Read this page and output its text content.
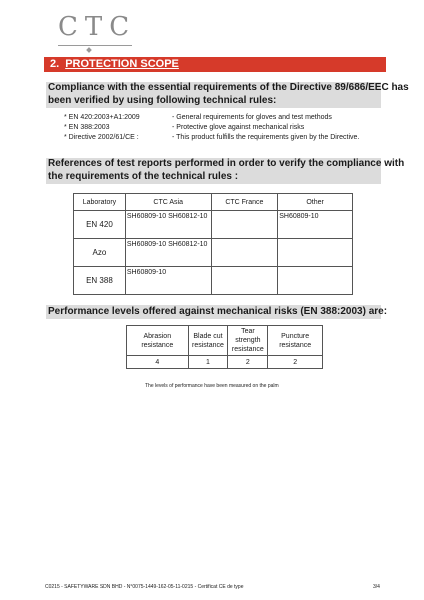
CTC
2. PROTECTION SCOPE
Compliance with the essential requirements of the Directive 89/686/EEC has
been verified by using following technical rules:
* EN 420:2003+A1:2009	- General requirements for gloves and test methods
* EN 388:2003	- Protective glove against mechanical risks
* Directive 2002/61/CE :	- This product fulfills the requirements given by the Directive.
References of test reports performed in order to verify the compliance with
the requirements of the technical rules :
Laboratory	CTC Asia	CTC France	Other
EN 420	SH60809-10 SH60812-10		SH60809-10
Azo	SH60809-10 SH60812-10		
EN 388	SH60809-10		
Performance levels offered against mechanical risks (EN 388:2003) are:
Abrasion resistance	Blade cut resistance	Tear strength resistance	Puncture resistance
4	1	2	2
The levels of performance have been measured on the palm
C0215 - SAFETYWARE SDN BHD - N°0075-1449-162-05-11-0215 - Certificat CE de type	3/4
